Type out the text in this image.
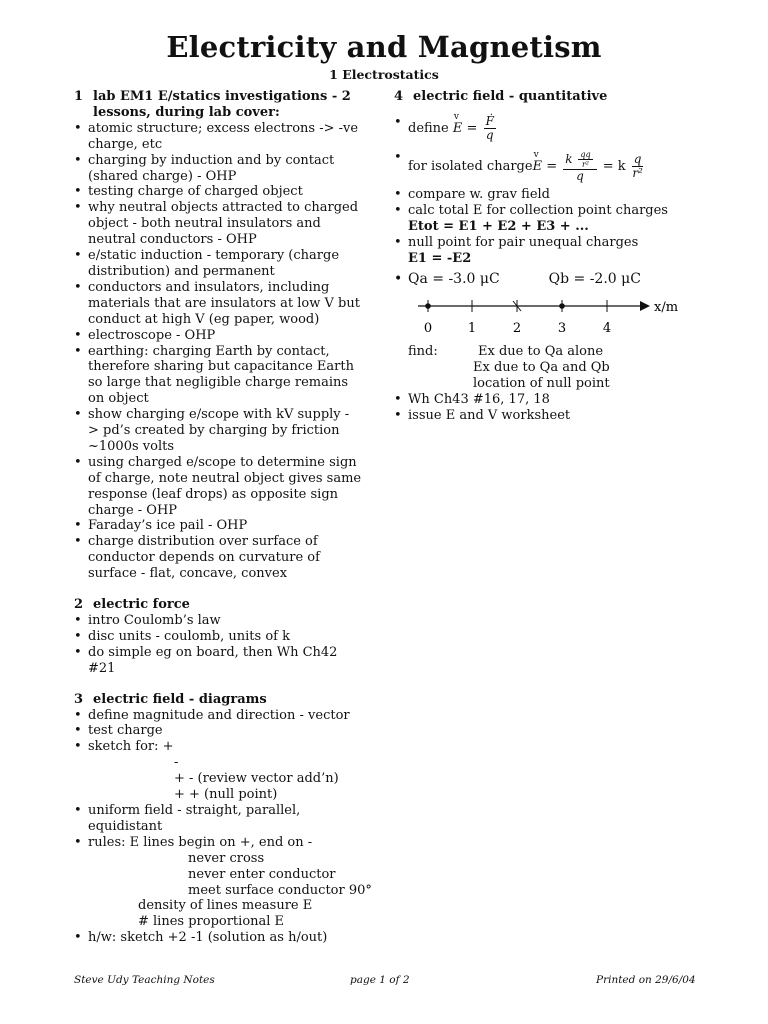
Electricity and Magnetism
1 Electrostatics
1 lab EM1 E/statics investigations - 2
lessons, during lab cover:
• atomic structure; excess electrons -> -ve
charge, etc
• charging by induction and by contact
(shared charge) - OHP
• testing charge of charged object
• why neutral objects attracted to charged
object - both neutral insulators and
neutral conductors - OHP
• e/static induction - temporary (charge
distribution) and permanent
• conductors and insulators, including
materials that are insulators at low V but
conduct at high V (eg paper, wood)
• electroscope - OHP
• earthing: charging Earth by contact,
therefore sharing but capacitance Earth
so large that negligible charge remains
on object
• show charging e/scope with kV supply -
> pd’s created by charging by friction
~1000s volts
• using charged e/scope to determine sign
of charge, note neutral object gives same
response (leaf drops) as opposite sign
charge - OHP
• Faraday’s ice pail - OHP
• charge distribution over surface of
conductor depends on curvature of
surface - flat, concave, convex
2 electric force
• intro Coulomb’s law
• disc units - coulomb, units of k
• do simple eg on board, then Wh Ch42
#21
3 electric field - diagrams
• define magnitude and direction - vector
• test charge
• sketch for: +
-
+ - (review vector add’n)
+ + (null point)
• uniform field - straight, parallel,
equidistant
• rules: E lines begin on +, end on -
never cross
never enter conductor
meet surface conductor 90°
density of lines measure E
# lines proportional E
• h/w: sketch +2 -1 (solution as h/out)
4 electric field - quantitative
• define v $E = \frac{\text{Ḟ}}{q}$
• for isolated chargev $E = \frac{k \frac{qq}{\text{r²}}}{q} = k \frac{q}{\text{r²}}$
• compare w. grav field
• calc total E for collection point charges
Etot = E1 + E2 + E3 + ...
• null point for pair unequal charges
E1 = -E2
• Qa = -3.0 μC	Qb = -2.0 μC
0	1	2	3	4
x/m
find:	Ex due to Qa alone
Ex due to Qa and Qb
location of null point
• Wh Ch43 #16, 17, 18
• issue E and V worksheet
Steve Udy Teaching Notes	page 1 of 2	Printed on 29/6/04
